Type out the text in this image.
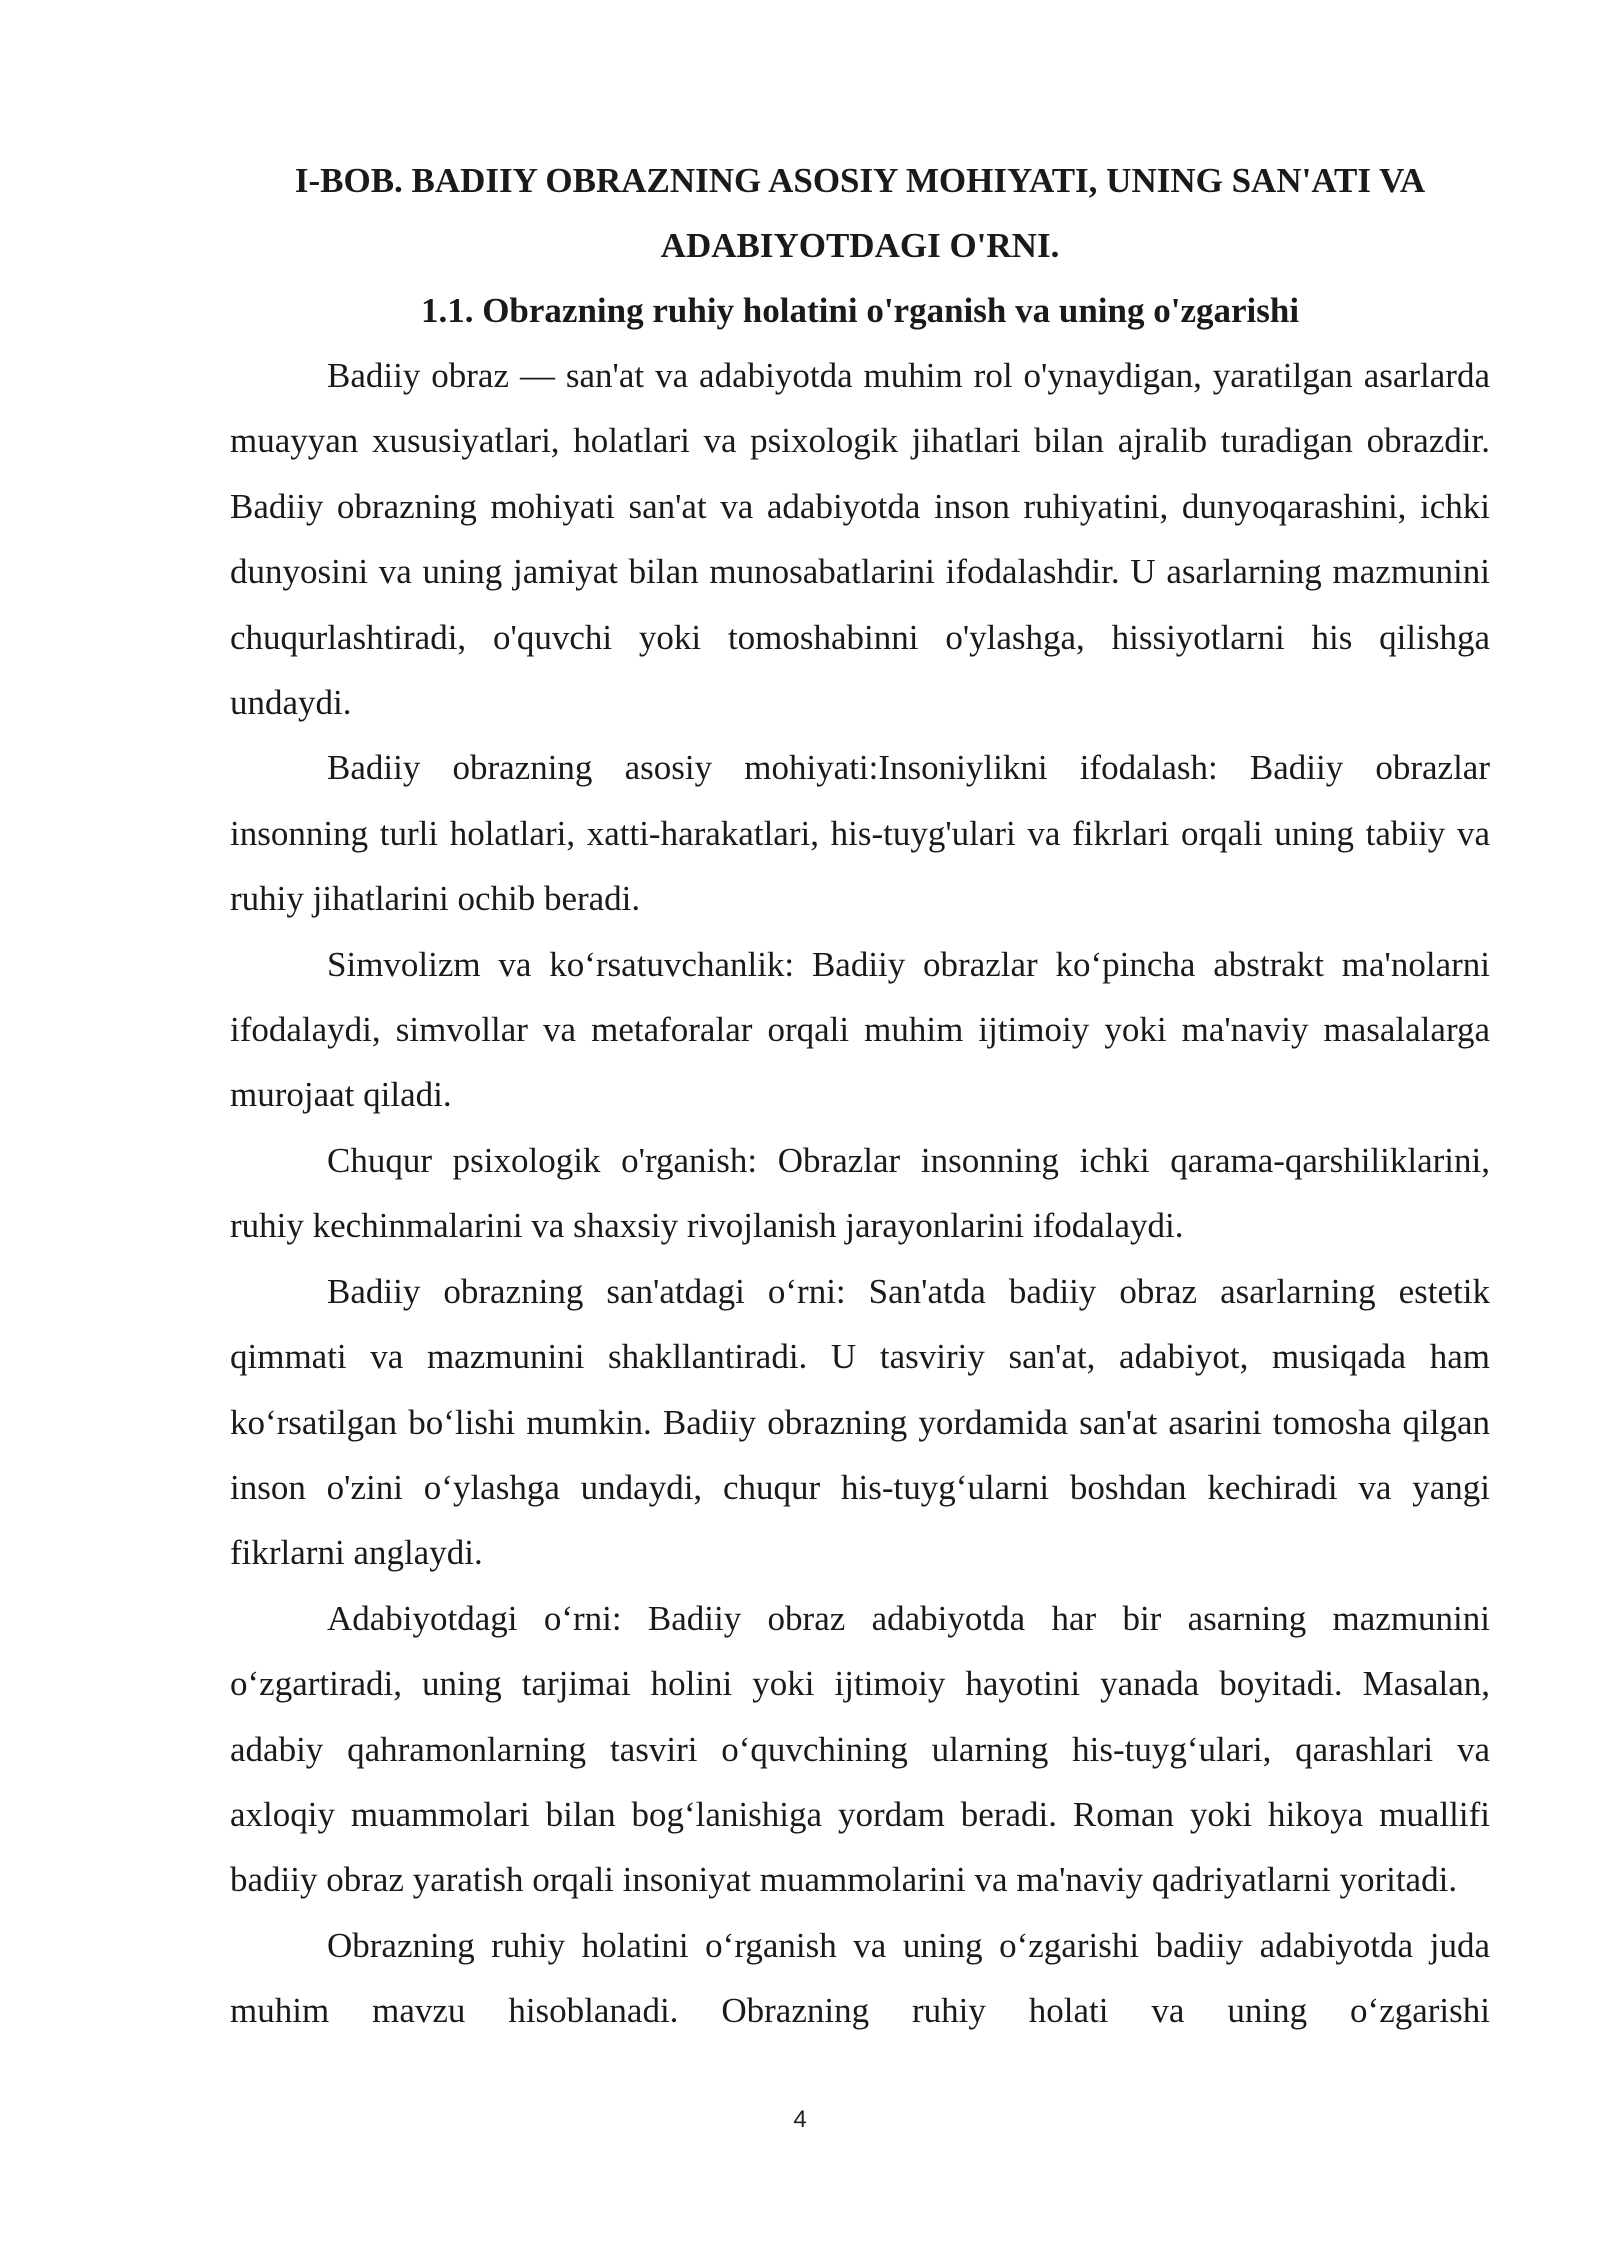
I-BOB. BADIIY OBRAZNING ASOSIY MOHIYATI, UNING SAN'ATI VA
ADABIYOTDAGI O'RNI.

1.1. Obrazning ruhiy holatini o'rganish va uning o'zgarishi

Badiiy obraz — san'at va adabiyotda muhim rol o'ynaydigan, yaratilgan asarlarda muayyan xususiyatlari, holatlari va psixologik jihatlari bilan ajralib turadigan obrazdir. Badiiy obrazning mohiyati san'at va adabiyotda inson ruhiyatini, dunyoqarashini, ichki dunyosini va uning jamiyat bilan munosabatlarini ifodalashdir. U asarlarning mazmunini chuqurlashtiradi, o'quvchi yoki tomoshabinni o'ylashga, hissiyotlarni his qilishga undaydi.

Badiiy obrazning asosiy mohiyati:Insoniylikni ifodalash: Badiiy obrazlar insonning turli holatlari, xatti-harakatlari, his-tuyg'ulari va fikrlari orqali uning tabiiy va ruhiy jihatlarini ochib beradi.

Simvolizm va ko‘rsatuvchanlik: Badiiy obrazlar ko‘pincha abstrakt ma'nolarni ifodalaydi, simvollar va metaforalar orqali muhim ijtimoiy yoki ma'naviy masalalarga murojaat qiladi.

Chuqur psixologik o'rganish: Obrazlar insonning ichki qarama-qarshiliklarini, ruhiy kechinmalarini va shaxsiy rivojlanish jarayonlarini ifodalaydi.

Badiiy obrazning san'atdagi o‘rni: San'atda badiiy obraz asarlarning estetik qimmati va mazmunini shakllantiradi. U tasviriy san'at, adabiyot, musiqada ham ko‘rsatilgan bo‘lishi mumkin. Badiiy obrazning yordamida san'at asarini tomosha qilgan inson o'zini o‘ylashga undaydi, chuqur his-tuyg‘ularni boshdan kechiradi va yangi fikrlarni anglaydi.

Adabiyotdagi o‘rni: Badiiy obraz adabiyotda har bir asarning mazmunini o‘zgartiradi, uning tarjimai holini yoki ijtimoiy hayotini yanada boyitadi. Masalan, adabiy qahramonlarning tasviri o‘quvchining ularning his-tuyg‘ulari, qarashlari va axloqiy muammolari bilan bog‘lanishiga yordam beradi. Roman yoki hikoya muallifi badiiy obraz yaratish orqali insoniyat muammolarini va ma'naviy qadriyatlarni yoritadi.

Obrazning ruhiy holatini o‘rganish va uning o‘zgarishi badiiy adabiyotda juda muhim mavzu hisoblanadi. Obrazning ruhiy holati va uning o‘zgarishi

4
